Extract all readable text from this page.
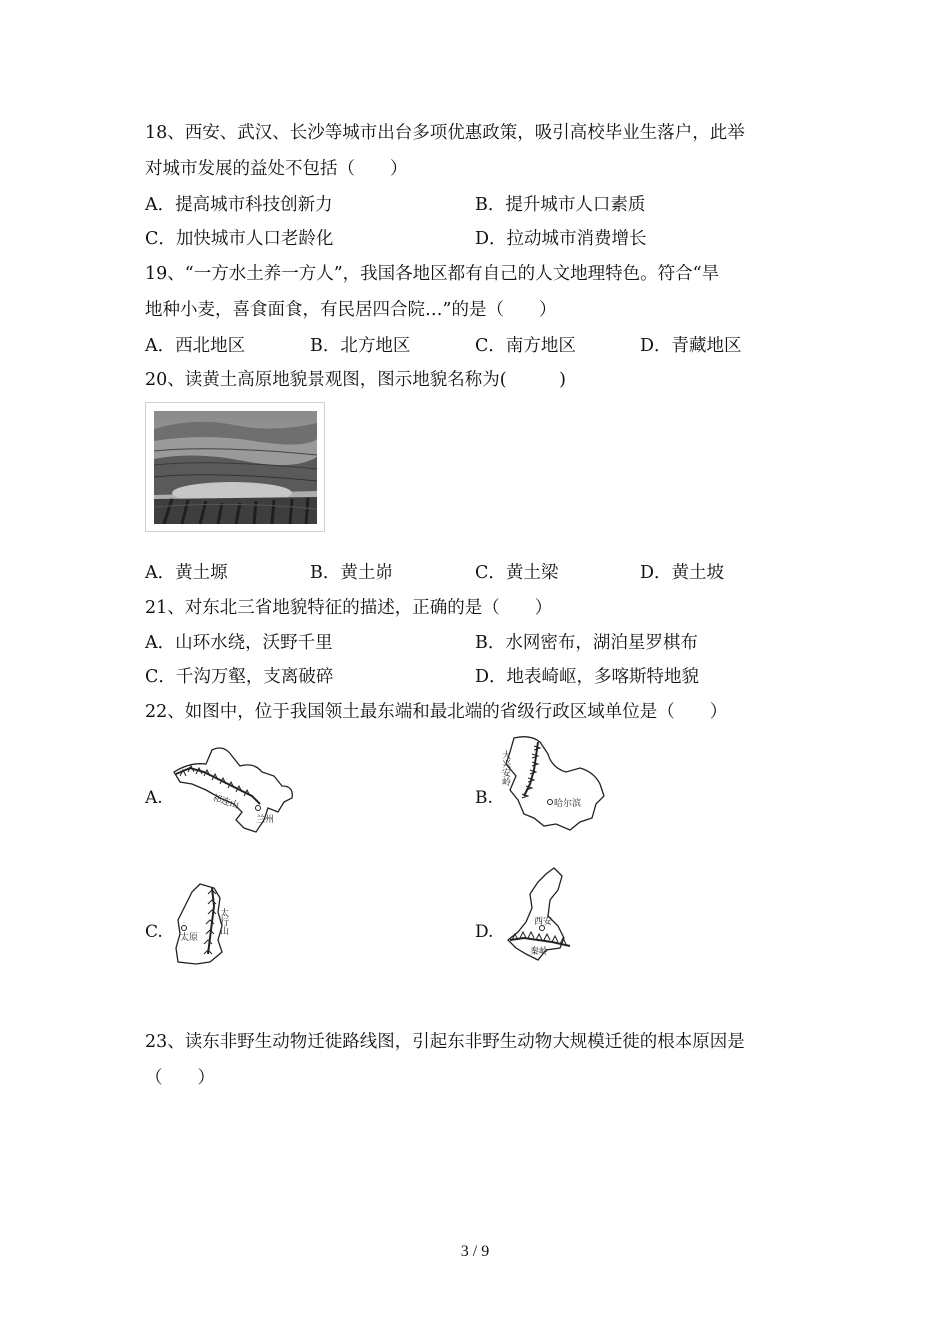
18、西安、武汉、长沙等城市出台多项优惠政策，吸引高校毕业生落户，此举
对城市发展的益处不包括（　　）
A．提高城市科技创新力	B．提升城市人口素质
C．加快城市人口老龄化	D．拉动城市消费增长
19、“一方水土养一方人”，我国各地区都有自己的人文地理特色。符合“旱
地种小麦，喜食面食，有民居四合院…”的是（　　）
A．西北地区	B．北方地区	C．南方地区	D．青藏地区
20、读黄土高原地貌景观图，图示地貌名称为(　　　)
A．黄土塬	B．黄土峁	C．黄土梁	D．黄土坡
21、对东北三省地貌特征的描述，正确的是（　　）
A．山环水绕，沃野千里	B．水网密布，湖泊星罗棋布
C．千沟万壑，支离破碎	D．地表崎岖，多喀斯特地貌
22、如图中，位于我国领土最东端和最北端的省级行政区域单位是（　　）
A.	祁连山
兰州
B.
大兴安岭
哈尔滨
C.	太行山
太原	D.	西安
秦岭
23、读东非野生动物迁徙路线图，引起东非野生动物大规模迁徙的根本原因是
（　　）
3 / 9
